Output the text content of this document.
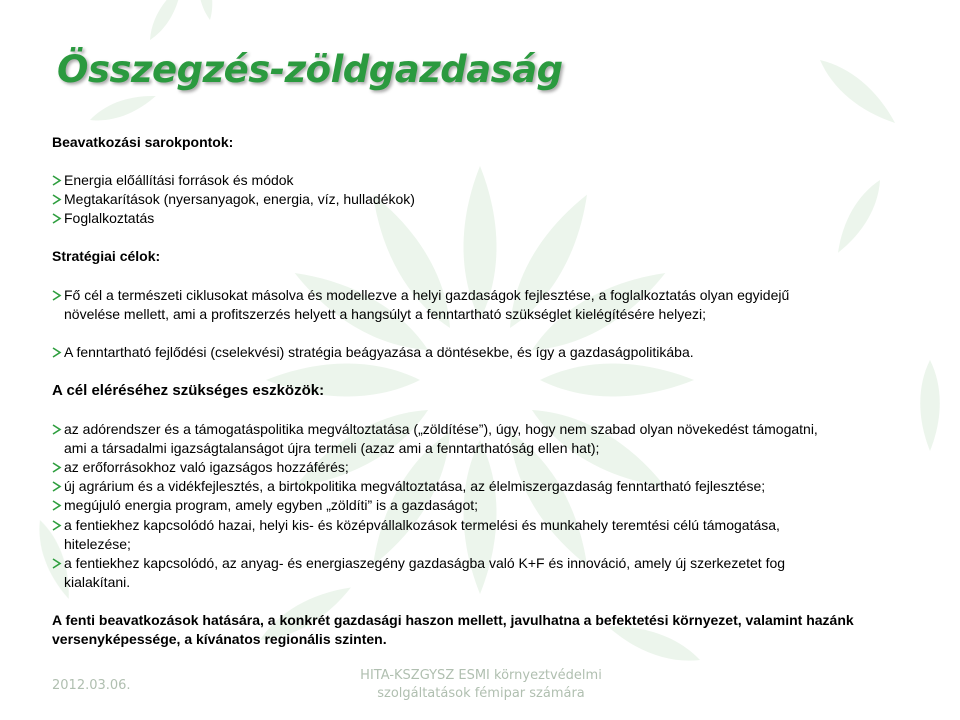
Összegzés-zöldgazdaság
Beavatkozási sarokpontok:
Energia előállítási források és módok
Megtakarítások (nyersanyagok, energia, víz, hulladékok)
Foglalkoztatás
Stratégiai célok:
Fő cél a természeti ciklusokat másolva és modellezve a helyi gazdaságok fejlesztése, a foglalkoztatás olyan egyidejű
növelése mellett, ami a profitszerzés helyett a hangsúlyt a fenntartható szükséglet kielégítésére helyezi;
A fenntartható fejlődési (cselekvési) stratégia beágyazása a döntésekbe, és így a gazdaságpolitikába.
A cél eléréséhez szükséges eszközök:
az adórendszer és a támogatáspolitika megváltoztatása („zöldítése”), úgy, hogy nem szabad olyan növekedést támogatni,
ami a társadalmi igazságtalanságot újra termeli (azaz ami a fenntarthatóság ellen hat);
az erőforrásokhoz való igazságos hozzáférés;
új agrárium és a vidékfejlesztés, a birtokpolitika megváltoztatása, az élelmiszergazdaság fenntartható fejlesztése;
megújuló energia program, amely egyben „zöldíti” is a gazdaságot;
a fentiekhez kapcsolódó hazai, helyi kis- és középvállalkozások termelési és munkahely teremtési célú támogatása,
hitelezése;
a fentiekhez kapcsolódó, az anyag- és energiaszegény gazdaságba való K+F és innováció, amely új szerkezetet fog
kialakítani.
A fenti beavatkozások hatására, a konkrét gazdasági haszon mellett, javulhatna a befektetési környezet, valamint hazánk
versenyképessége, a kívánatos regionális szinten.
2012.03.06.
HITA-KSZGYSZ ESMI környeztvédelmi
szolgáltatások fémipar számára
